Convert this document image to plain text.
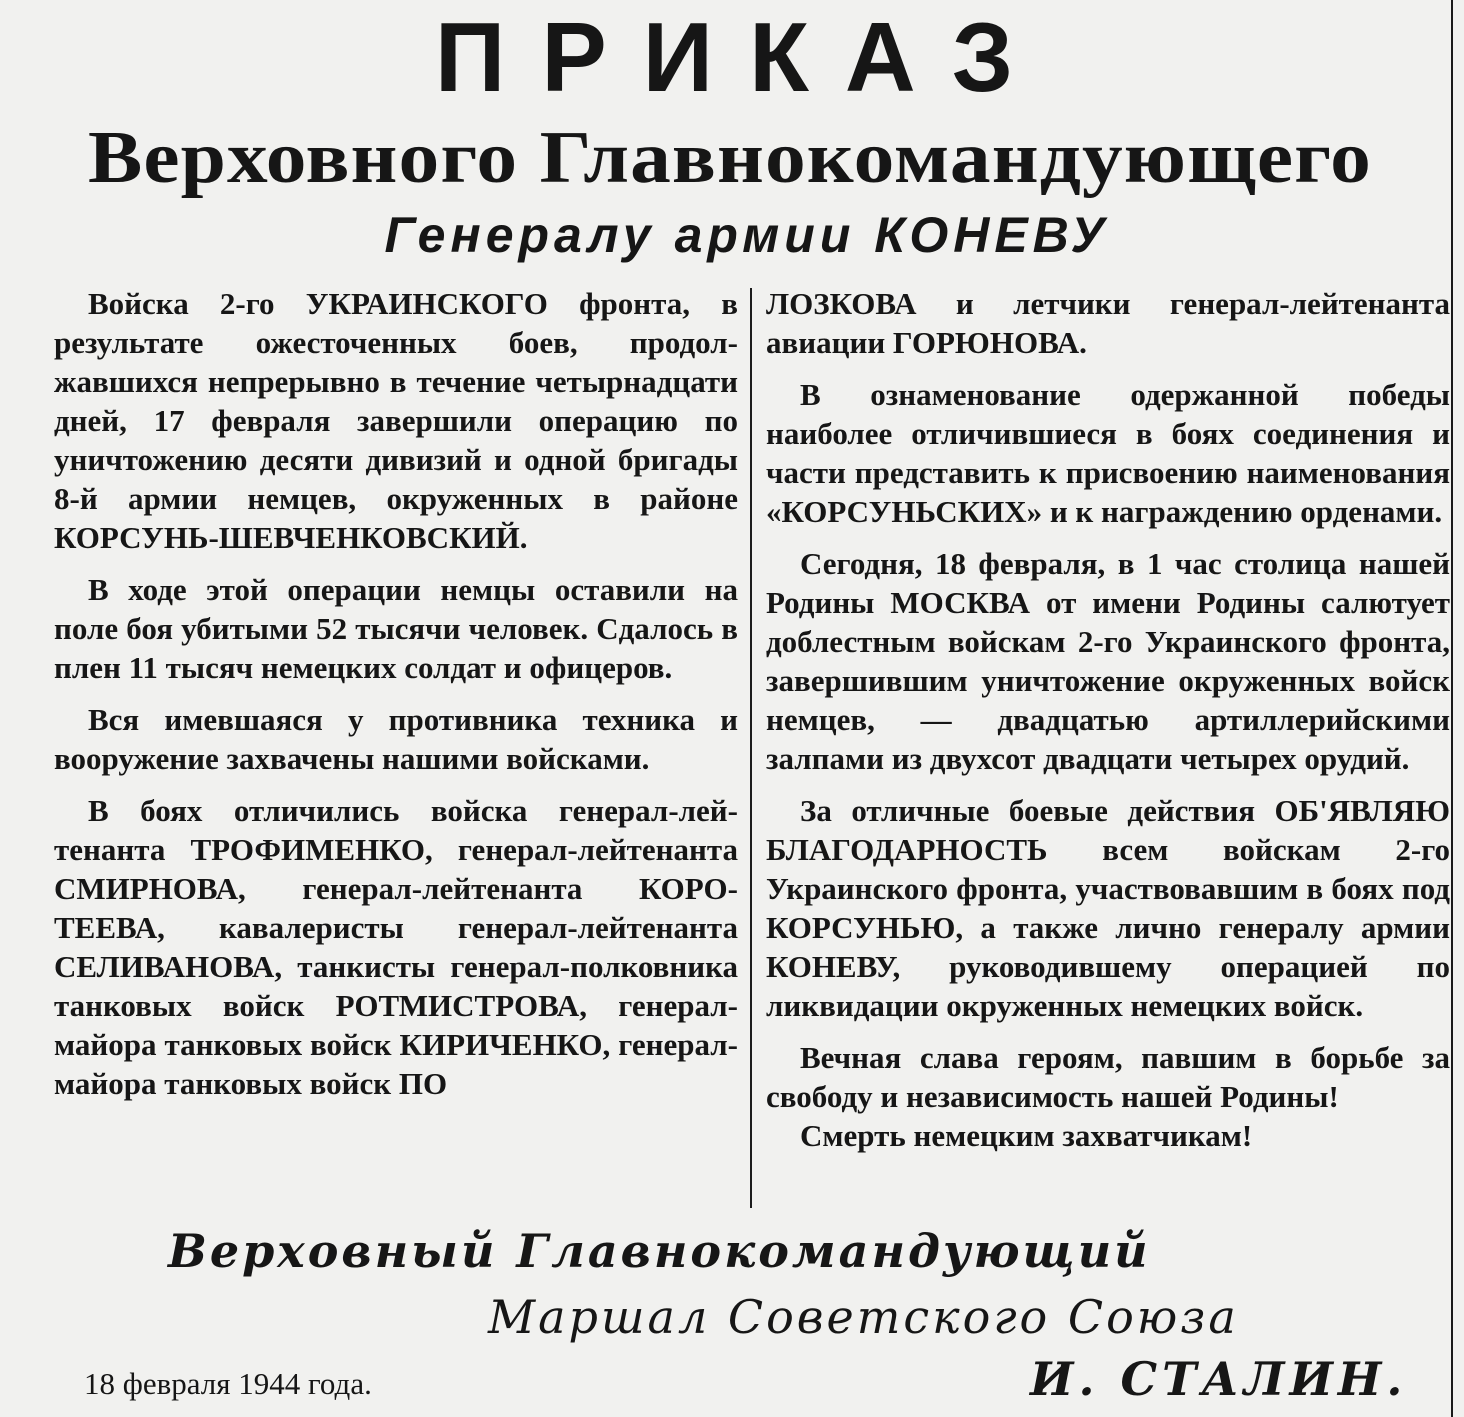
ПРИКАЗ
Верховного Главнокомандующего
Генералу армии КОНЕВУ

Войска 2-го УКРАИНСКОГО фронта, в результате ожесточенных боев, продолжавшихся непрерывно в течение четырнадцати дней, 17 февраля завершили операцию по уничтожению десяти дивизий и одной бригады 8-й армии немцев, окруженных в районе КОРСУНЬ-ШЕВЧЕНКОВСКИЙ.

В ходе этой операции немцы оставили на поле боя убитыми 52 тысячи человек. Сдалось в плен 11 тысяч немецких солдат и офицеров.

Вся имевшаяся у противника техника и вооружение захвачены нашими войсками.

В боях отличились войска генерал-лейтенанта ТРОФИМЕНКО, генерал-лейтенанта СМИРНОВА, генерал-лейтенанта КОРОТЕЕВА, кавалеристы генерал-лейтенанта СЕЛИВАНОВА, танкисты генерал-полковника танковых войск РОТМИСТРОВА, генерал-майора танковых войск КИРИЧЕНКО, генерал-майора танковых войск ПО

ЛОЗКОВА и летчики генерал-лейтенанта авиации ГОРЮНОВА.

В ознаменование одержанной победы наиболее отличившиеся в боях соединения и части представить к присвоению наименования «КОРСУНЬСКИХ» и к награждению орденами.

Сегодня, 18 февраля, в 1 час столица нашей Родины МОСКВА от имени Родины салютует доблестным войскам 2-го Украинского фронта, завершившим уничтожение окруженных войск немцев, — двадцатью артиллерийскими залпами из двухсот двадцати четырех орудий.

За отличные боевые действия ОБ'ЯВЛЯЮ БЛАГОДАРНОСТЬ всем войскам 2-го Украинского фронта, участвовавшим в боях под КОРСУНЬЮ, а также лично генералу армии КОНЕВУ, руководившему операцией по ликвидации окруженных немецких войск.

Вечная слава героям, павшим в борьбе за свободу и независимость нашей Родины!

Смерть немецким захватчикам!

Верховный Главнокомандующий

Маршал Советского Союза

И. СТАЛИН.

18 февраля 1944 года.
